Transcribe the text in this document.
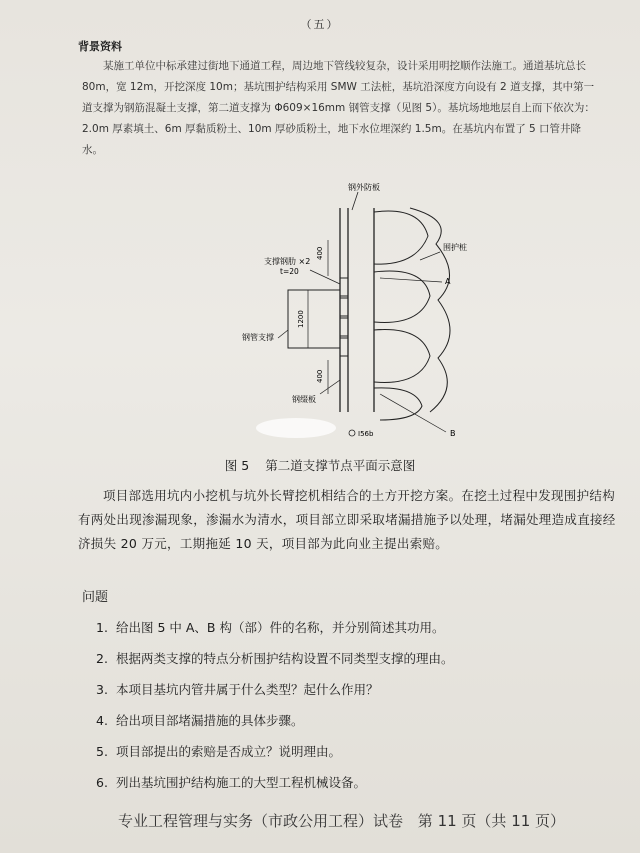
（五）
背景资料
某施工单位中标承建过街地下通道工程，周边地下管线较复杂，设计采用明挖顺作法施工。通道基坑总长 80m，宽 12m，开挖深度 10m；基坑围护结构采用 SMW 工法桩，基坑沿深度方向设有 2 道支撑，其中第一道支撑为钢筋混凝土支撑，第二道支撑为 Φ609×16mm 钢管支撑（见图 5）。基坑场地地层自上而下依次为：2.0m 厚素填土、6m 厚黏质粉土、10m 厚砂质粉土，地下水位埋深约 1.5m。在基坑内布置了 5 口管井降水。
钢外防板
围护桩
A
400
1200
400
支撑钢肋 ×2
t=20
钢管支撑
钢缀板
B
I56b
图 5 第二道支撑节点平面示意图
项目部选用坑内小挖机与坑外长臂挖机相结合的土方开挖方案。在挖土过程中发现围护结构有两处出现渗漏现象，渗漏水为清水，项目部立即采取堵漏措施予以处理，堵漏处理造成直接经济损失 20 万元，工期拖延 10 天，项目部为此向业主提出索赔。
问题
1. 给出图 5 中 A、B 构（部）件的名称，并分别简述其功用。
2. 根据两类支撑的特点分析围护结构设置不同类型支撑的理由。
3. 本项目基坑内管井属于什么类型？起什么作用？
4. 给出项目部堵漏措施的具体步骤。
5. 项目部提出的索赔是否成立？说明理由。
6. 列出基坑围护结构施工的大型工程机械设备。
专业工程管理与实务（市政公用工程）试卷 第 11 页（共 11 页）
